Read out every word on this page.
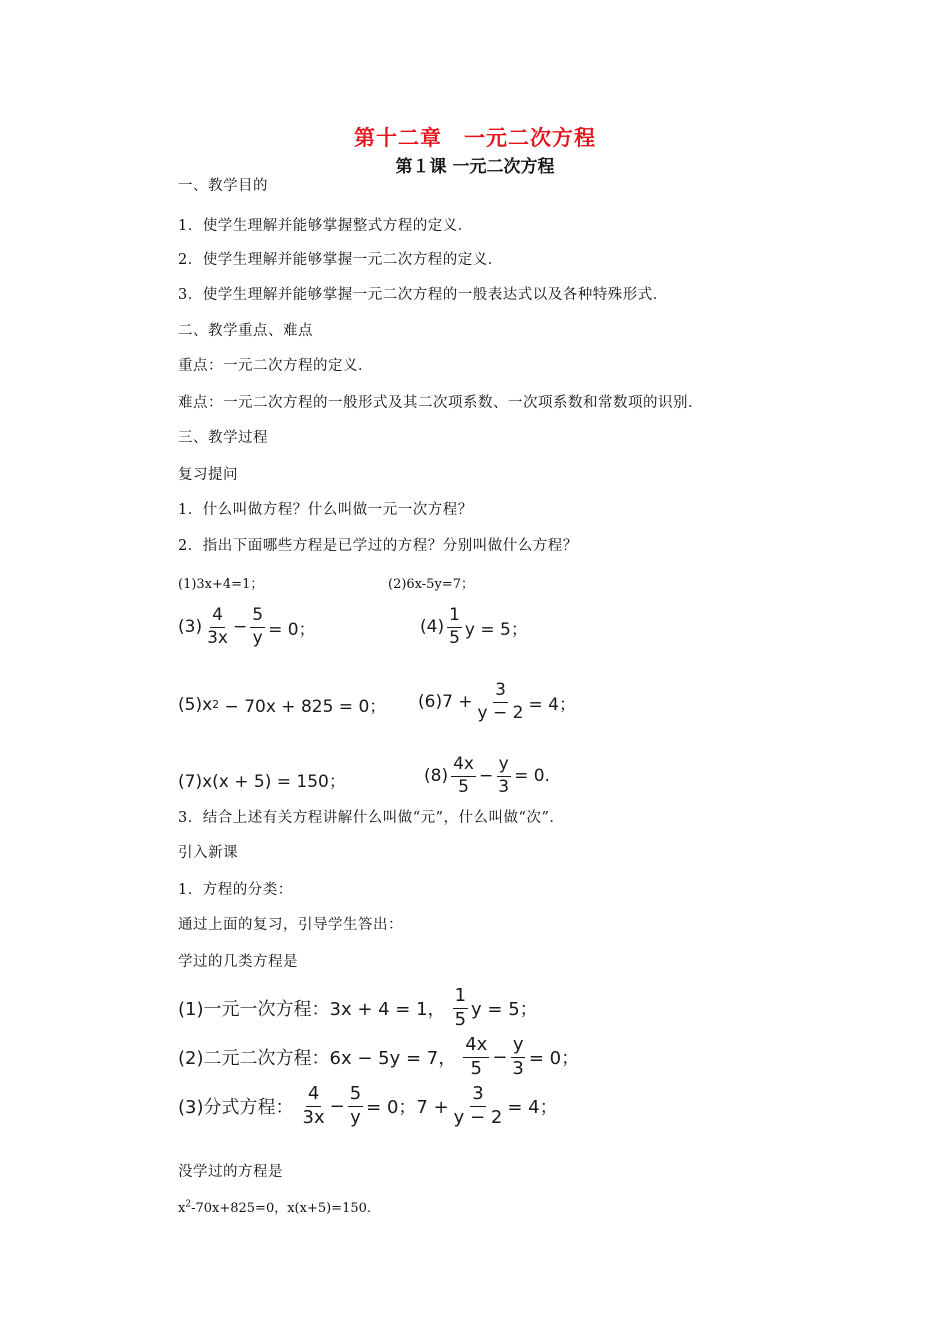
第十二章　一元二次方程
第１课 一元二次方程
一、教学目的
1．使学生理解并能够掌握整式方程的定义．
2．使学生理解并能够掌握一元二次方程的定义．
3．使学生理解并能够掌握一元二次方程的一般表达式以及各种特殊形式．
二、教学重点、难点
重点：一元二次方程的定义．
难点：一元二次方程的一般形式及其二次项系数、一次项系数和常数项的识别．
三、教学过程
复习提问
1．什么叫做方程？什么叫做一元一次方程？
2．指出下面哪些方程是已学过的方程？分别叫做什么方程？
(1)3x+4=1；	(2)6x-5y=7；
$(3) \frac{4}{3x} - \frac{5}{y} = 0$；	$(4) \frac{1}{5}$ y = 5；
(5)x 2 − 70x + 825 = 0； $(6)7 + \frac{3}{y - 2} = 4$；
(7)x(x + 5) = 150；	$(8) \frac{4x}{5} - \frac{y}{3} = 0$.
3．结合上述有关方程讲解什么叫做“元”，什么叫做“次”．
引入新课
1．方程的分类：
通过上面的复习，引导学生答出：
学过的几类方程是
(1)一元一次方程： 3x + 4 = 1， $\frac{1}{5}$ y = 5；
(2)二元二次方程： 6x − 5y = 7， $\frac{4x}{5} - \frac{y}{3} = 0$；
(3)分式方程： $\frac{4}{3x} - \frac{5}{y} = 0$；$7 + \frac{3}{y - 2} = 4$；
没学过的方程是
$x^2-70x+825=0$，x(x+5)=150.
